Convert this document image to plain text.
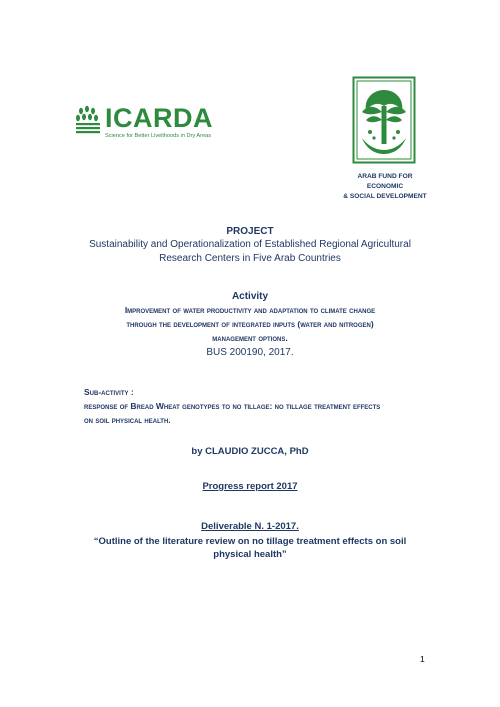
ICARDA
Science for Better Livelihoods in Dry Areas
ARAB FUND FOR
ECONOMIC
& SOCIAL DEVELOPMENT
PROJECT
Sustainability and Operationalization of Established Regional Agricultural
Research Centers in Five Arab Countries
Activity
Improvement of water productivity and adaptation to climate change
through the development of integrated inputs (water and nitrogen)
management options.
BUS 200190, 2017.
Sub-activity :
response of Bread Wheat genotypes to no tillage: no tillage treatment effects
on soil physical health.
by CLAUDIO ZUCCA, PhD
Progress report 2017
Deliverable N. 1-2017.
“Outline of the literature review on no tillage treatment effects on soil
physical health”
1
